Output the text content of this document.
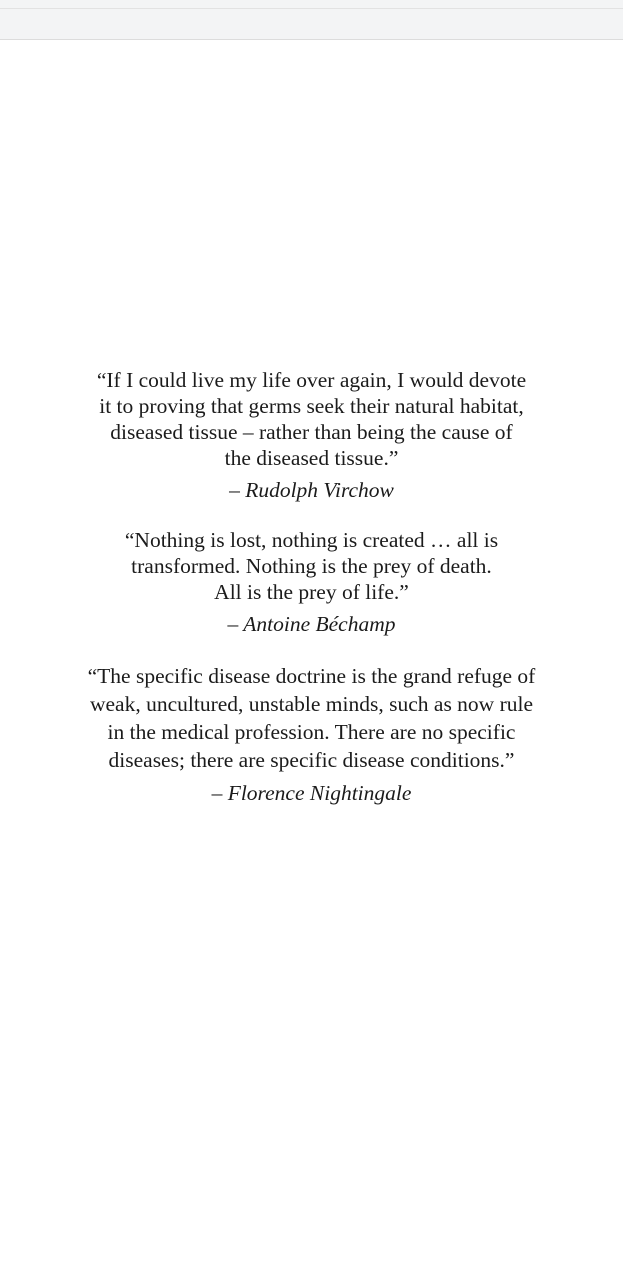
“If I could live my life over again, I would devote
it to proving that germs seek their natural habitat,
diseased tissue – rather than being the cause of
the diseased tissue.”
– Rudolph Virchow
“Nothing is lost, nothing is created … all is
transformed. Nothing is the prey of death.
All is the prey of life.”
– Antoine Béchamp
“The specific disease doctrine is the grand refuge of
weak, uncultured, unstable minds, such as now rule
in the medical profession. There are no specific
diseases; there are specific disease conditions.”
– Florence Nightingale
